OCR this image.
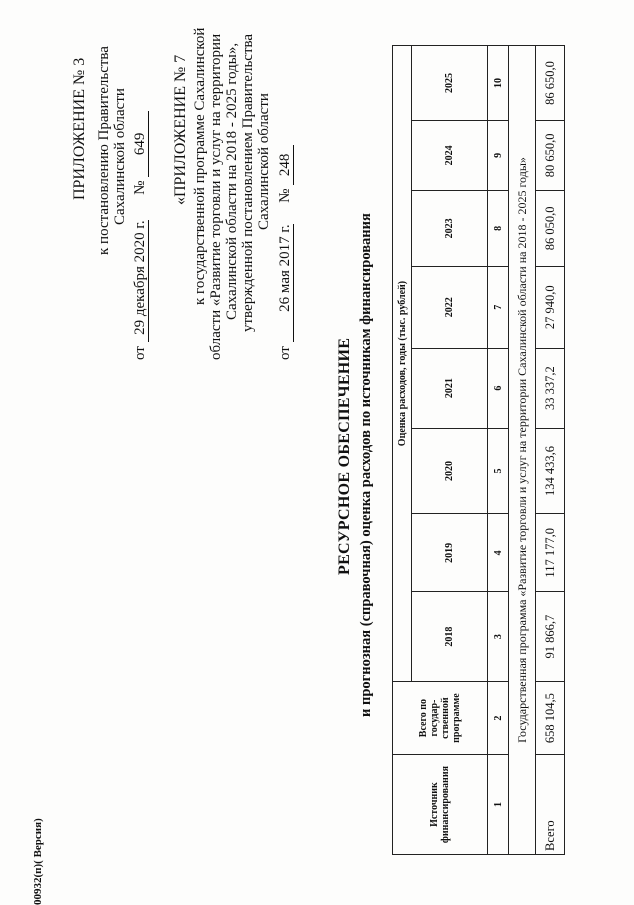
ПРИЛОЖЕНИЕ № 3 к постановлению Правительства Сахалинской области
от 29 декабря 2020 г.  № 649 «ПРИЛОЖЕНИЕ № 7 к государственной программе Сахалинской области «Развитие торговли и услуг на территории Сахалинской области на 2018 - 2025 годы», утвержденной постановлением Правительства Сахалинской области
от 26 мая 2017 г.  № 248
РЕСУРСНОЕ ОБЕСПЕЧЕНИЕ и прогнозная (справочная) оценка расходов по источникам финансирования
Источник финансирования	Всего по государ- ственной программе	Оценка расходов, годы (тыс. рублей)							
		2018	2019	2020	2021	2022	2023	2024	2025
1	2	3	4	5	6	7	8	9	10
Государственная программа «Развитие торговли и услуг на территории Сахалинской области на 2018 - 2025 годы»									
Всего	658 104,5	91 866,7	117 177,0	134 433,6	33 337,2	27 940,0	86 050,0	80 650,0	86 650,0
00932(п)( Версия)
